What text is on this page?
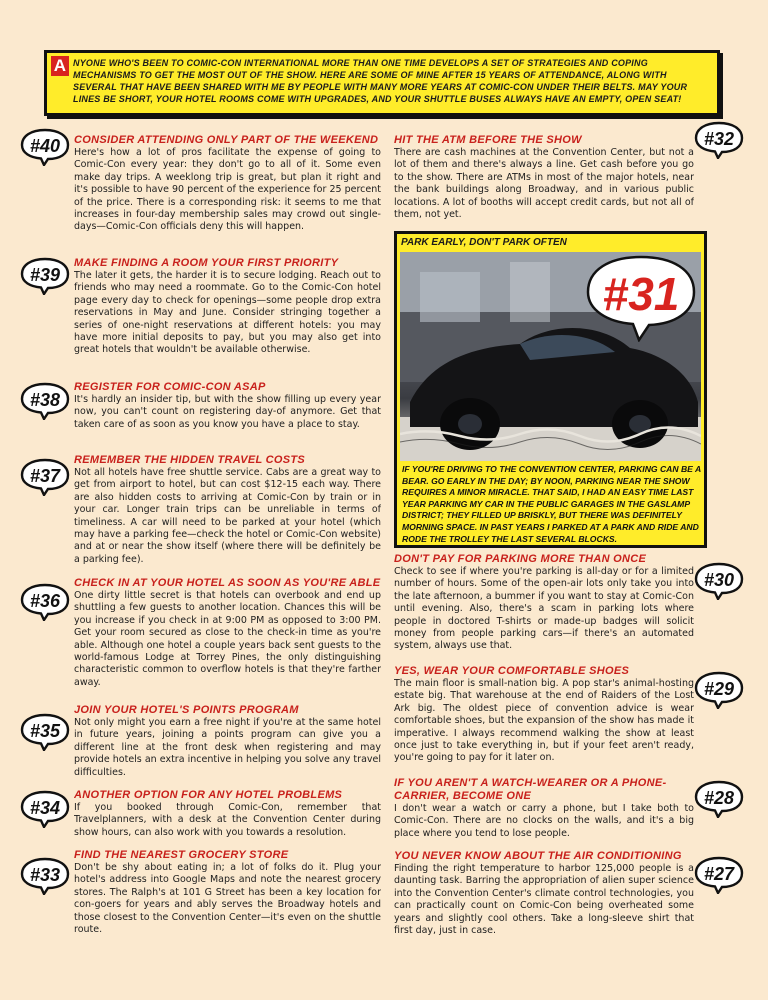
A NYONE WHO'S BEEN TO COMIC-CON INTERNATIONAL MORE THAN ONE TIME DEVELOPS A SET OF STRATEGIES AND COPING MECHANISMS TO GET THE MOST OUT OF THE SHOW. HERE ARE SOME OF MINE AFTER 15 YEARS OF ATTENDANCE, ALONG WITH SEVERAL THAT HAVE BEEN SHARED WITH ME BY PEOPLE WITH MANY MORE YEARS AT COMIC-CON UNDER THEIR BELTS. MAY YOUR LINES BE SHORT, YOUR HOTEL ROOMS COME WITH UPGRADES, AND YOUR SHUTTLE BUSES ALWAYS HAVE AN EMPTY, OPEN SEAT!
#40	CONSIDER ATTENDING ONLY PART OF THE WEEKEND

Here's how a lot of pros facilitate the expense of going to Comic-Con every year: they don't go to all of it. Some even make day trips. A weeklong trip is great, but plan it right and it's possible to have 90 percent of the experience for 25 percent of the price. There is a corresponding risk: it seems to me that increases in four-day membership sales may crowd out single-days—Comic-Con officials deny this will happen.

#39
MAKE FINDING A ROOM YOUR FIRST PRIORITY

The later it gets, the harder it is to secure lodging. Reach out to friends who may need a roommate. Go to the Comic-Con hotel page every day to check for openings—some people drop extra reservations in May and June. Consider stringing together a series of one-night reservations at different hotels: you may have more initial deposits to pay, but you may also get into great hotels that wouldn't be available otherwise.

#38
REGISTER FOR COMIC-CON ASAP

It's hardly an insider tip, but with the show filling up every year now, you can't count on registering day-of anymore. Get that taken care of as soon as you know you have a place to stay.

#37
REMEMBER THE HIDDEN TRAVEL COSTS

Not all hotels have free shuttle service. Cabs are a great way to get from airport to hotel, but can cost $12-15 each way. There are also hidden costs to arriving at Comic-Con by train or in your car. Longer train trips can be unreliable in terms of timeliness. A car will need to be parked at your hotel (which may have a parking fee—check the hotel or Comic-Con website) and at or near the show itself (where there will be definitely be a parking fee).

#36
CHECK IN AT YOUR HOTEL AS SOON AS YOU'RE ABLE

One dirty little secret is that hotels can overbook and end up shuttling a few guests to another location. Chances this will be you increase if you check in at 9:00 PM as opposed to 3:00 PM. Get your room secured as close to the check-in time as you're able. Although one hotel a couple years back sent guests to the world-famous Lodge at Torrey Pines, the only distinguishing characteristic common to overflow hotels is that they're farther away.

#35
JOIN YOUR HOTEL'S POINTS PROGRAM

Not only might you earn a free night if you're at the same hotel in future years, joining a points program can give you a different line at the front desk when registering and may provide hotels an extra incentive in helping you solve any travel difficulties.

#34
ANOTHER OPTION FOR ANY HOTEL PROBLEMS

If you booked through Comic-Con, remember that Travelplanners, with a desk at the Convention Center during show hours, can also work with you towards a resolution.

#33
FIND THE NEAREST GROCERY STORE

Don't be shy about eating in; a lot of folks do it. Plug your hotel's address into Google Maps and note the nearest grocery stores. The Ralph's at 101 G Street has been a key location for con-goers for years and ably serves the Broadway hotels and those closest to the Convention Center—it's even on the shuttle route.

HIT THE ATM BEFORE THE SHOW

There are cash machines at the Convention Center, but not a lot of them and there's always a line. Get cash before you go to the show. There are ATMs in most of the major hotels, near the bank buildings along Broadway, and in various public locations. A lot of booths will accept credit cards, but not all of them, not yet.

#32
PARK EARLY, DON'T PARK OFTEN
#31
IF YOU'RE DRIVING TO THE CONVENTION CENTER, PARKING CAN BE A BEAR. GO EARLY IN THE DAY; BY NOON, PARKING NEAR THE SHOW REQUIRES A MINOR MIRACLE. THAT SAID, I HAD AN EASY TIME LAST YEAR PARKING MY CAR IN THE PUBLIC GARAGES IN THE GASLAMP DISTRICT; THEY FILLED UP BRISKLY, BUT THERE WAS DEFINITELY MORNING SPACE. IN PAST YEARS I PARKED AT A PARK AND RIDE AND RODE THE TROLLEY THE LAST SEVERAL BLOCKS.
DON'T PAY FOR PARKING MORE THAN ONCE

Check to see if where you're parking is all-day or for a limited number of hours. Some of the open-air lots only take you into the late afternoon, a bummer if you want to stay at Comic-Con until evening. Also, there's a scam in parking lots where people in doctored T-shirts or made-up badges will solicit money from people parking cars—if there's an automated system, always use that.

#30
YES, WEAR YOUR COMFORTABLE SHOES

The main floor is small-nation big. A pop star's animal-hosting estate big. That warehouse at the end of Raiders of the Lost Ark big. The oldest piece of convention advice is wear comfortable shoes, but the expansion of the show has made it imperative. I always recommend walking the show at least once just to take everything in, but if your feet aren't ready, you're going to pay for it later on.

#29
IF YOU AREN'T A WATCH-WEARER OR A PHONE-CARRIER, BECOME ONE

I don't wear a watch or carry a phone, but I take both to Comic-Con. There are no clocks on the walls, and it's a big place where you tend to lose people.

#28
YOU NEVER KNOW ABOUT THE AIR CONDITIONING

Finding the right temperature to harbor 125,000 people is a daunting task. Barring the appropriation of alien super science into the Convention Center's climate control technologies, you can practically count on Comic-Con being overheated some years and slightly cool others. Take a long-sleeve shirt that first day, just in case.

#27
